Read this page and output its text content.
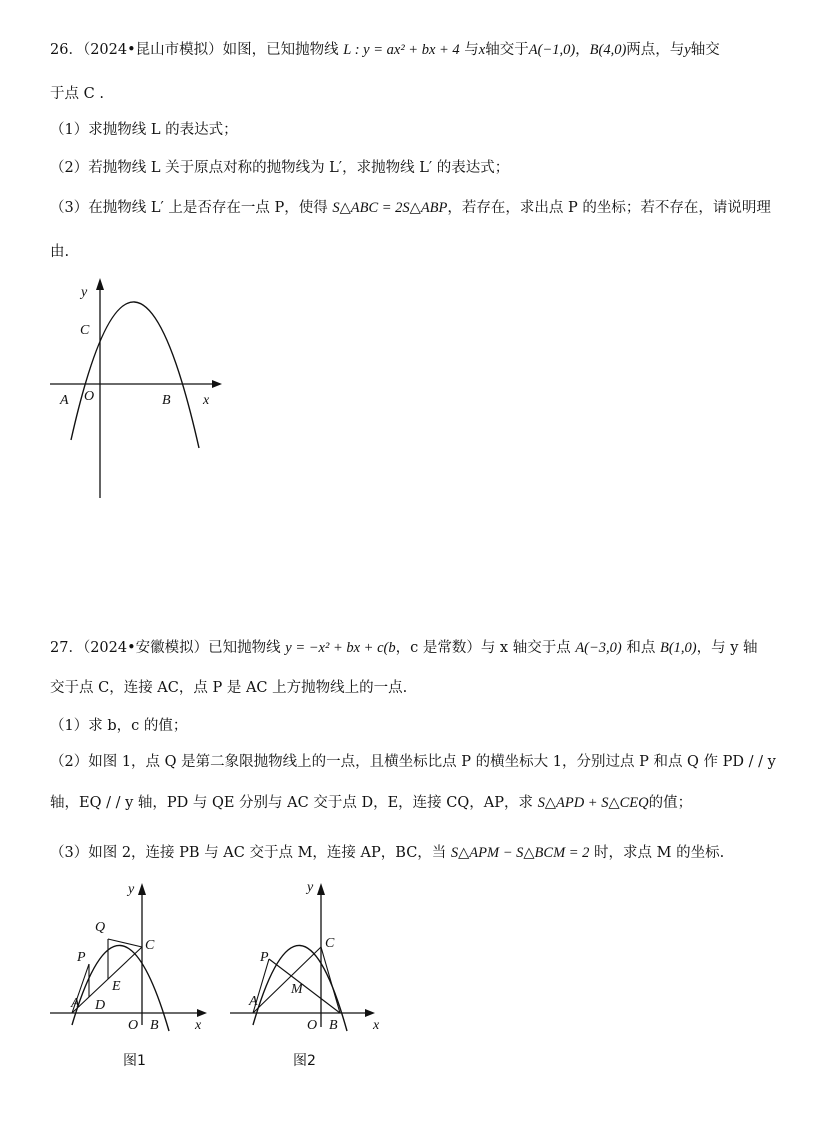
26．（2024•昆山市模拟）如图，已知抛物线 L : y = ax² + bx + 4 与x轴交于A(−1,0)，B(4,0)两点，与y轴交
于点 C .
（1）求抛物线 L 的表达式；
（2）若抛物线 L 关于原点对称的抛物线为 L′，求抛物线 L′ 的表达式；
（3）在抛物线 L′ 上是否存在一点 P，使得 S△ABC = 2S△ABP，若存在，求出点 P 的坐标；若不存在，请说明理
由.
y
C
A O	B x
27．（2024•安徽模拟）已知抛物线 y = −x² + bx + c(b，c 是常数）与 x 轴交于点 A(−3,0) 和点 B(1,0)，与 y 轴
交于点 C，连接 AC，点 P 是 AC 上方抛物线上的一点.
（1）求 b，c 的值；
（2）如图 1，点 Q 是第二象限抛物线上的一点，且横坐标比点 P 的横坐标大 1，分别过点 P 和点 Q 作 PD / / y
轴，EQ / / y 轴，PD 与 QE 分别与 AC 交于点 D，E，连接 CQ，AP，求 S△APD + S△CEQ的值；
（3）如图 2，连接 PB 与 AC 交于点 M，连接 AP，BC，当 S△APM − S△BCM = 2 时，求点 M 的坐标.
y
Q
P
C
E
A D
O B	x
图1
y
P
C
M
A
O B	x
图2
